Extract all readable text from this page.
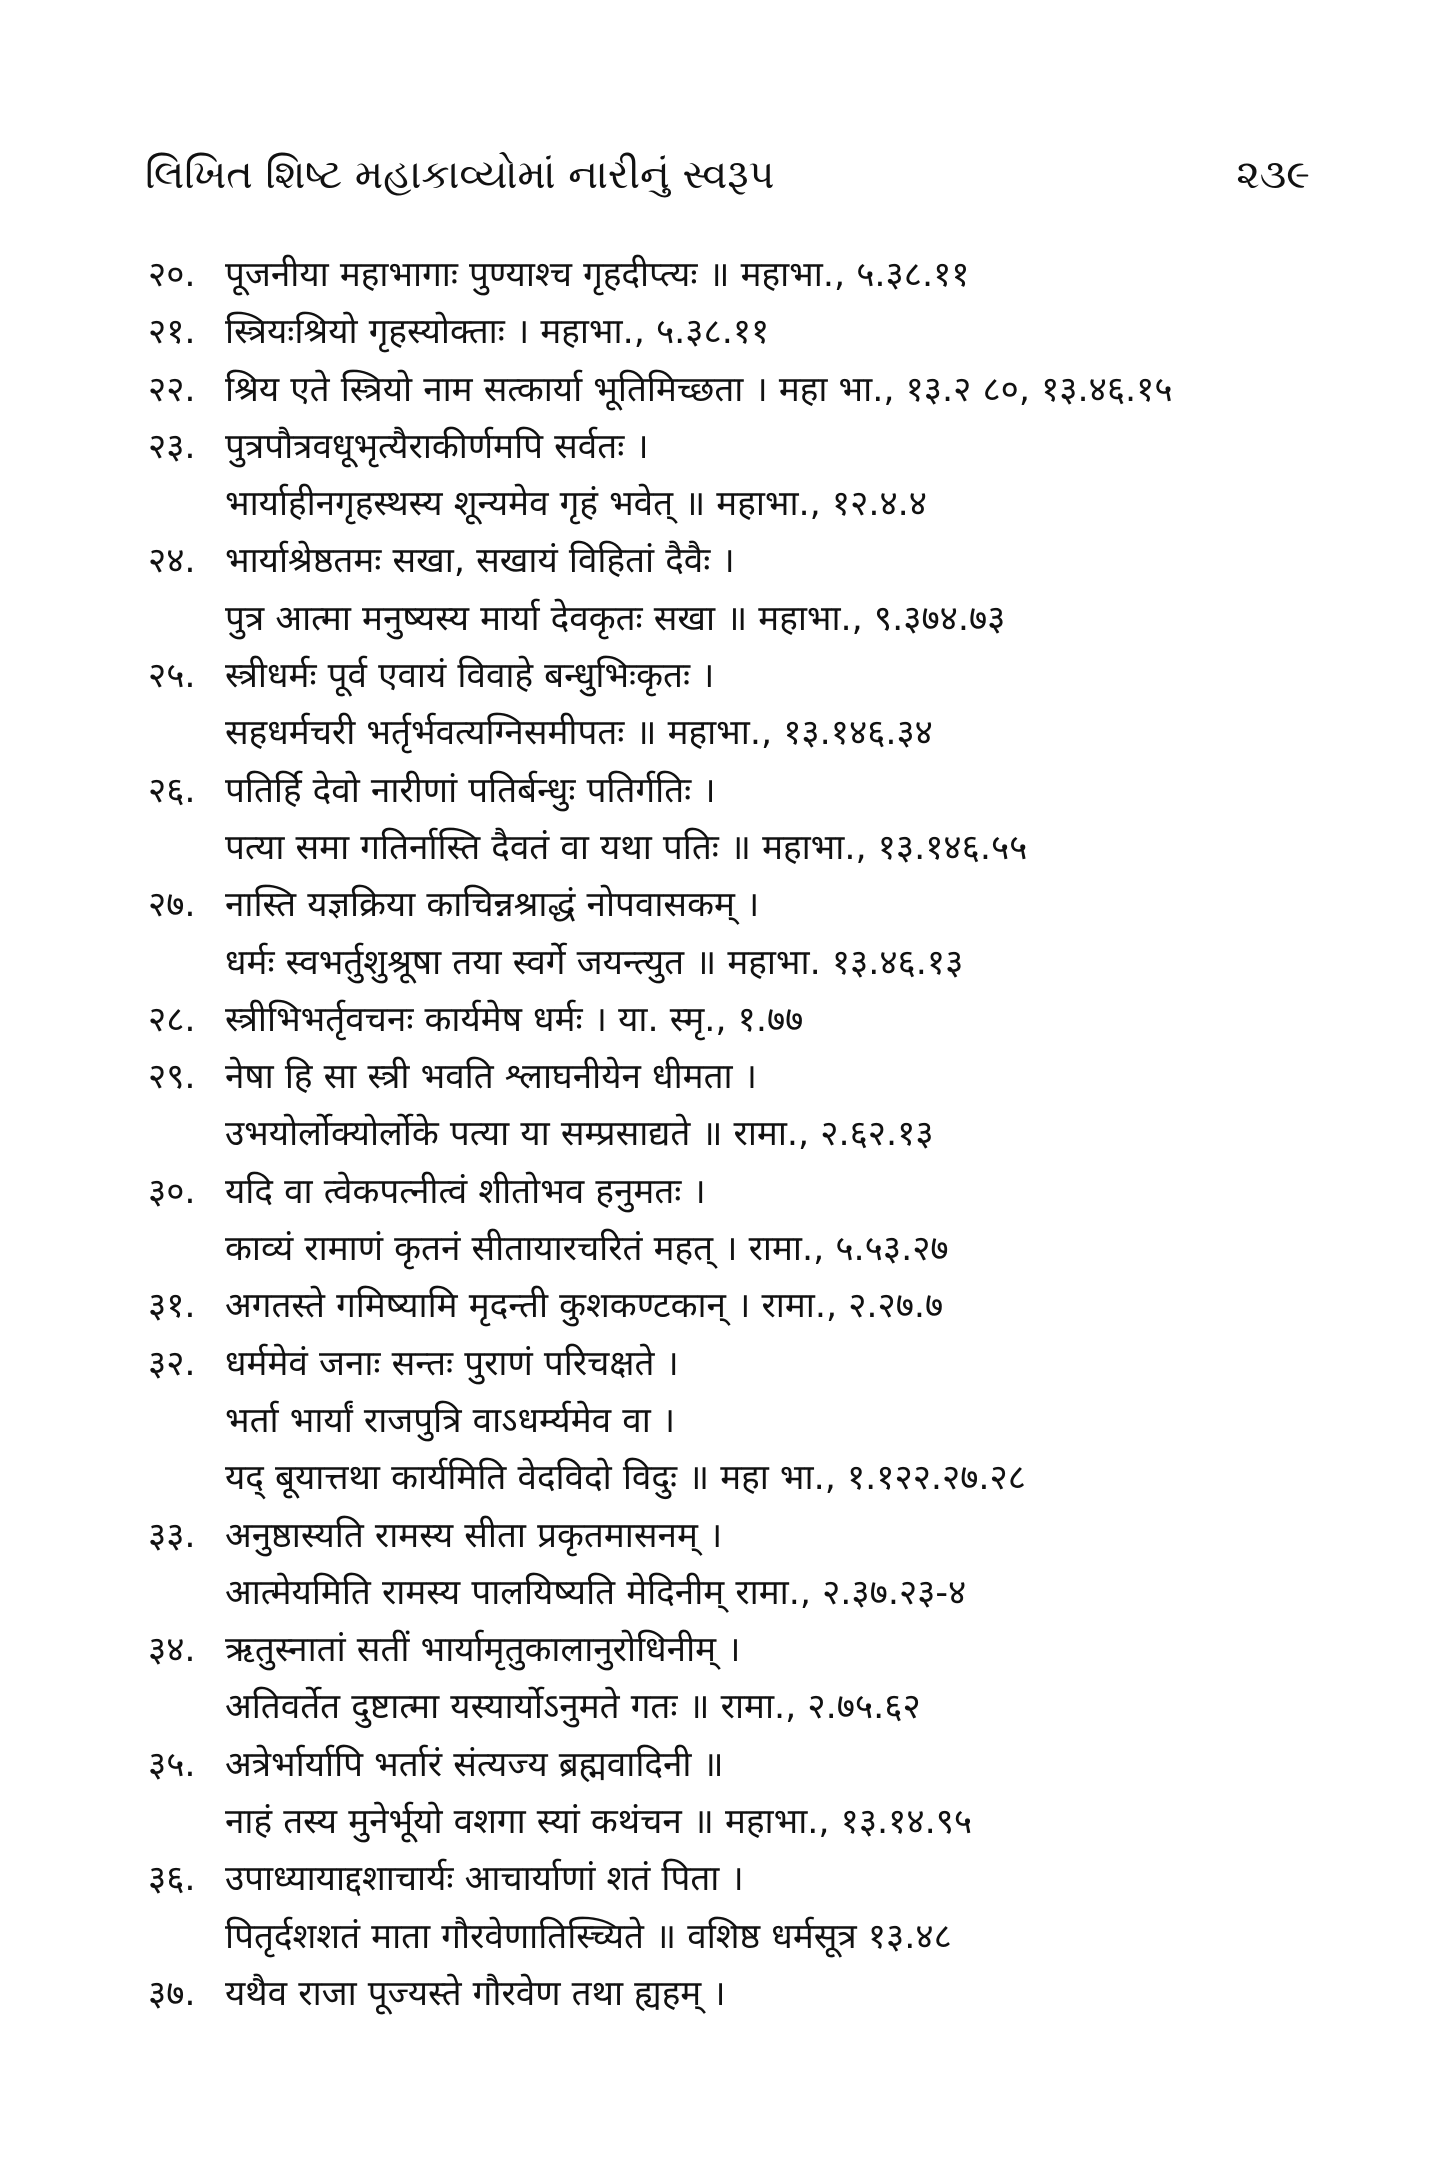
લિખિત શિષ્ટ મહાકાવ્યોમાં નારીનું સ્વરૂપ	૨૩૯
२०. पूजनीया महाभागाः पुण्याश्च गृहदीप्त्यः ॥ महाभा., ५.३८.११
२१. स्त्रियःश्रियो गृहस्योक्ताः । महाभा., ५.३८.११
२२. श्रिय एते स्त्रियो नाम सत्कार्या भूतिमिच्छता । महा भा., १३.२ ८०, १३.४६.१५
२३. पुत्रपौत्रवधूभृत्यैराकीर्णमपि सर्वतः ।
भार्याहीनगृहस्थस्य शून्यमेव गृहं भवेत् ॥ महाभा., १२.४.४
२४. भार्याश्रेष्ठतमः सखा, सखायं विहितां दैवैः ।
पुत्र आत्मा मनुष्यस्य मार्या देवकृतः सखा ॥ महाभा., ९.३७४.७३
२५. स्त्रीधर्मः पूर्व एवायं विवाहे बन्धुभिःकृतः ।
सहधर्मचरी भर्तृर्भवत्यग्निसमीपतः ॥ महाभा., १३.१४६.३४
२६. पतिर्हि देवो नारीणां पतिर्बन्धुः पतिर्गतिः ।
पत्या समा गतिर्नास्ति दैवतं वा यथा पतिः ॥ महाभा., १३.१४६.५५
२७. नास्ति यज्ञक्रिया काचिन्नश्राद्धं नोपवासकम् ।
धर्मः स्वभर्तुशुश्रूषा तया स्वर्गे जयन्त्युत ॥ महाभा. १३.४६.१३
२८. स्त्रीभिभर्तृवचनः कार्यमेष धर्मः । या. स्मृ., १.७७
२९. नेषा हि सा स्त्री भवति श्लाघनीयेन धीमता ।
उभयोर्लोक्योर्लोके पत्या या सम्प्रसाद्यते ॥ रामा., २.६२.१३
३०. यदि वा त्वेकपत्नीत्वं शीतोभव हनुमतः ।
काव्यं रामाणं कृतनं सीतायारचरितं महत् । रामा., ५.५३.२७
३१. अगतस्ते गमिष्यामि मृदन्ती कुशकण्टकान् । रामा., २.२७.७
३२. धर्ममेवं जनाः सन्तः पुराणं परिचक्षते ।
भर्ता भार्यां राजपुत्रि वाऽधर्म्यमेव वा ।
यद् बूयात्तथा कार्यमिति वेदविदो विदुः ॥ महा भा., १.१२२.२७.२८
३३. अनुष्ठास्यति रामस्य सीता प्रकृतमासनम् ।
आत्मेयमिति रामस्य पालयिष्यति मेदिनीम् रामा., २.३७.२३-४
३४. ऋतुस्नातां सतीं भार्यामृतुकालानुरोधिनीम् ।
अतिवर्तेत दुष्टात्मा यस्यार्योऽनुमते गतः ॥ रामा., २.७५.६२
३५. अत्रेर्भार्यापि भर्तारं संत्यज्य ब्रह्मवादिनी ॥
नाहं तस्य मुनेर्भूयो वशगा स्यां कथंचन ॥ महाभा., १३.१४.९५
३६. उपाध्यायाद्दशाचार्यः आचार्याणां शतं पिता ।
पितृर्दशशतं माता गौरवेणातिस्च्यिते ॥ वशिष्ठ धर्मसूत्र १३.४८
३७. यथैव राजा पूज्यस्ते गौरवेण तथा ह्यहम् ।
